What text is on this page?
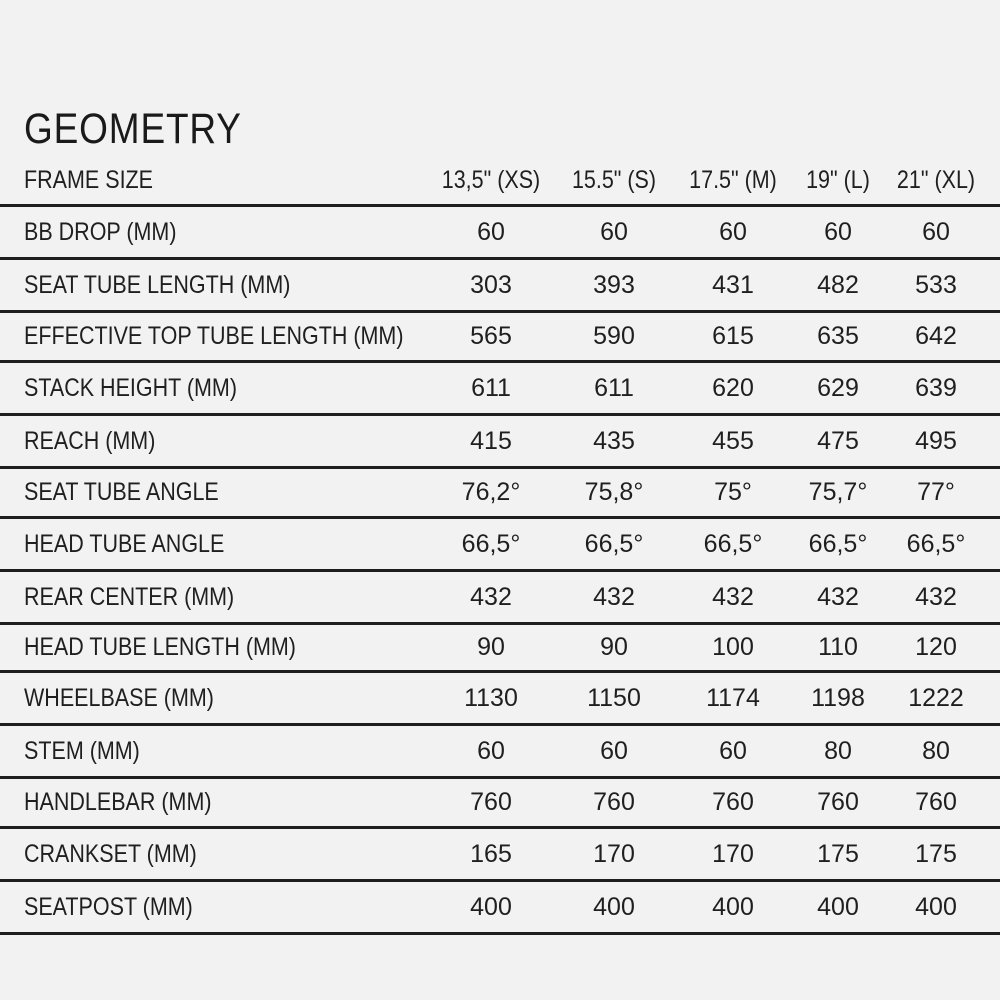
GEOMETRY
FRAME SIZE	13,5" (XS)	15.5" (S)	17.5" (M)	19" (L)	21" (XL)
BB DROP (MM)	60	60	60	60	60
SEAT TUBE LENGTH (MM)	303	393	431	482	533
EFFECTIVE TOP TUBE LENGTH (MM)	565	590	615	635	642
STACK HEIGHT (MM)	611	611	620	629	639
REACH (MM)	415	435	455	475	495
SEAT TUBE ANGLE	76,2°	75,8°	75°	75,7°	77°
HEAD TUBE ANGLE	66,5°	66,5°	66,5°	66,5°	66,5°
REAR CENTER (MM)	432	432	432	432	432
HEAD TUBE LENGTH (MM)	90	90	100	110	120
WHEELBASE (MM)	1130	1150	1174	1198	1222
STEM (MM)	60	60	60	80	80
HANDLEBAR (MM)	760	760	760	760	760
CRANKSET (MM)	165	170	170	175	175
SEATPOST (MM)	400	400	400	400	400
